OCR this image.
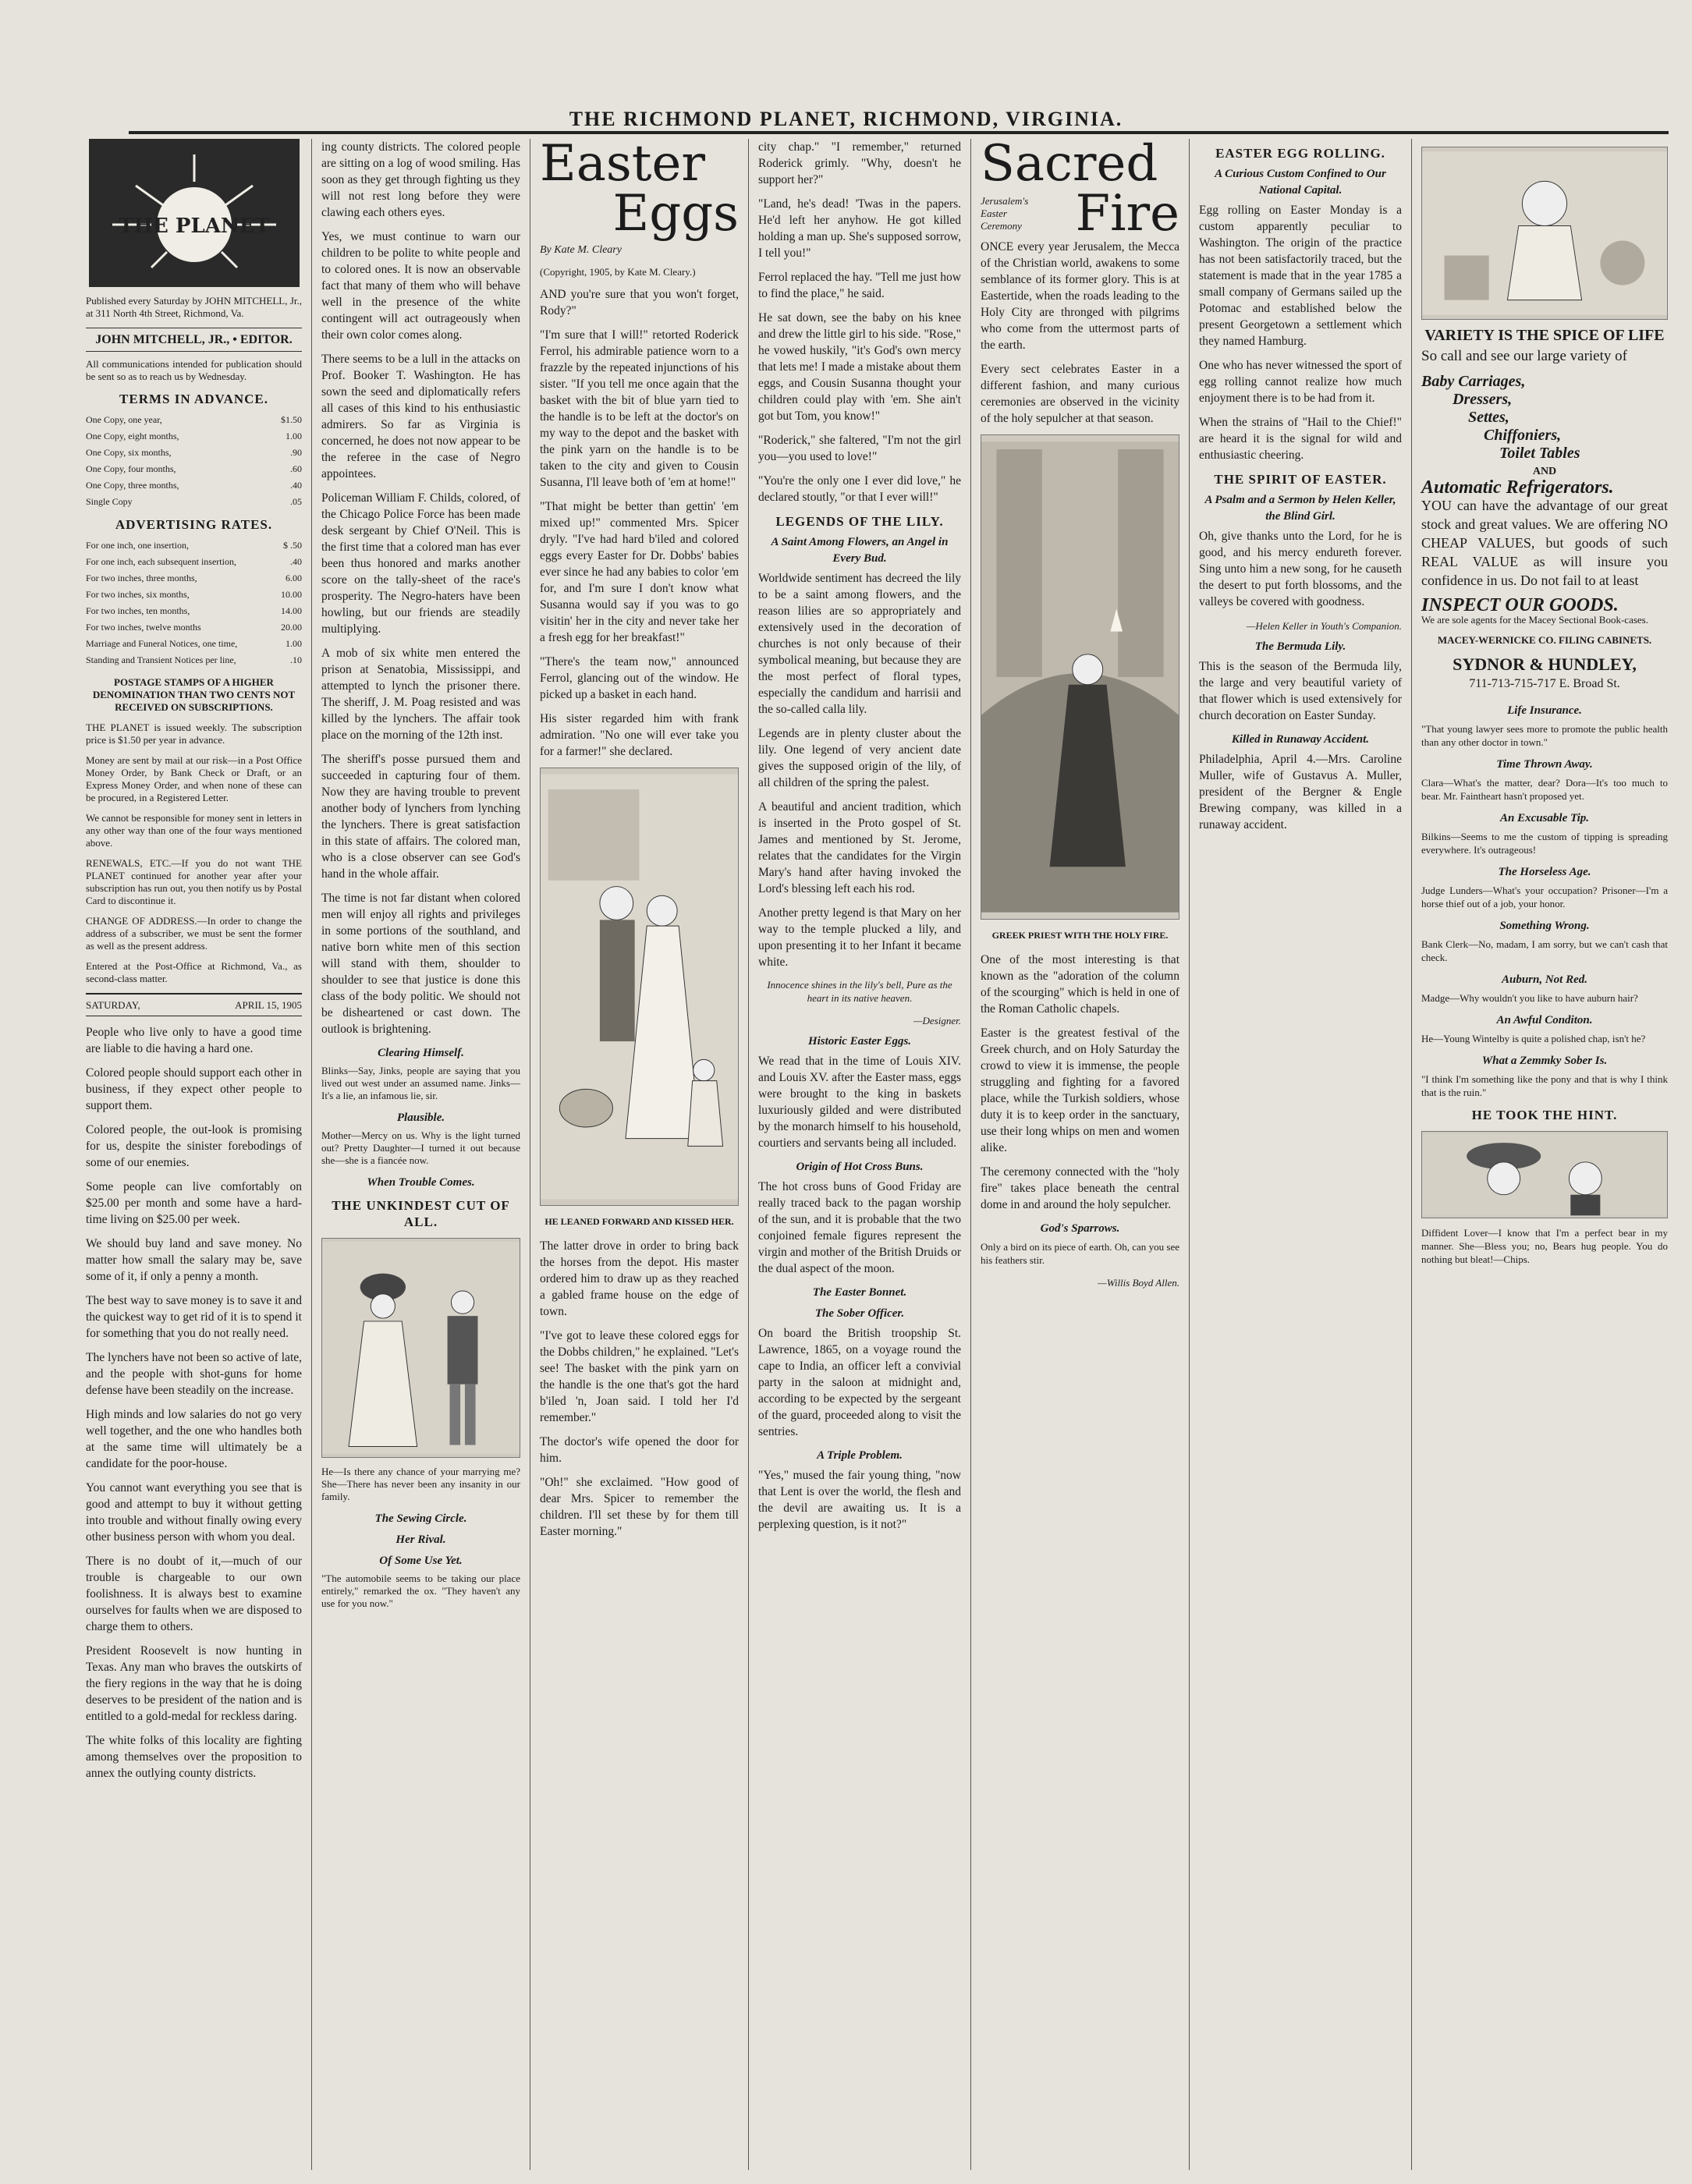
THE RICHMOND PLANET, RICHMOND, VIRGINIA.
THE PLANET

Published every Saturday by JOHN MITCHELL, Jr., at 311 North 4th Street, Richmond, Va.

JOHN MITCHELL, JR., • EDITOR.

All communications intended for publication should be sent so as to reach us by Wednesday.

TERMS IN ADVANCE.
One Copy, one year,	$1.50
One Copy, eight months,	1.00
One Copy, six months,	.90
One Copy, four months,	.60
One Copy, three months,	.40
Single Copy	.05
ADVERTISING RATES.
For one inch, one insertion,	$ .50
For one inch, each subsequent insertion,	.40
For two inches, three months,	6.00
For two inches, six months,	10.00
For two inches, ten months,	14.00
For two inches, twelve months	20.00
Marriage and Funeral Notices, one time,	1.00
Standing and Transient Notices per line,	.10

POSTAGE STAMPS OF A HIGHER DENOMINATION THAN TWO CENTS NOT RECEIVED ON SUBSCRIPTIONS.

THE PLANET is issued weekly. The subscription price is $1.50 per year in advance.

Money are sent by mail at our risk—in a Post Office Money Order, by Bank Check or Draft, or an Express Money Order, and when none of these can be procured, in a Registered Letter.

We cannot be responsible for money sent in letters in any other way than one of the four ways mentioned above.

RENEWALS, ETC.—If you do not want THE PLANET continued for another year after your subscription has run out, you then notify us by Postal Card to discontinue it.

CHANGE OF ADDRESS.—In order to change the address of a subscriber, we must be sent the former as well as the present address.

Entered at the Post-Office at Richmond, Va., as second-class matter.

SATURDAY,	APRIL 15, 1905

People who live only to have a good time are liable to die having a hard one.

Colored people should support each other in business, if they expect other people to support them.

Colored people, the out-look is promising for us, despite the sinister forebodings of some of our enemies.

Some people can live comfortably on $25.00 per month and some have a hard-time living on $25.00 per week.

We should buy land and save money. No matter how small the salary may be, save some of it, if only a penny a month.

The best way to save money is to save it and the quickest way to get rid of it is to spend it for something that you do not really need.

The lynchers have not been so active of late, and the people with shot-guns for home defense have been steadily on the increase.

High minds and low salaries do not go very well together, and the one who handles both at the same time will ultimately be a candidate for the poor-house.

You cannot want everything you see that is good and attempt to buy it without getting into trouble and without finally owing every other business person with whom you deal.

There is no doubt of it,—much of our trouble is chargeable to our own foolishness. It is always best to examine ourselves for faults when we are disposed to charge them to others.

President Roosevelt is now hunting in Texas. Any man who braves the outskirts of the fiery regions in the way that he is doing deserves to be president of the nation and is entitled to a gold-medal for reckless daring.

The white folks of this locality are fighting among themselves over the proposition to annex the outlying county districts.

ing county districts. The colored people are sitting on a log of wood smiling. Has soon as they get through fighting us they will not rest long before they were clawing each others eyes.

Yes, we must continue to warn our children to be polite to white people and to colored ones. It is now an observable fact that many of them who will behave well in the presence of the white contingent will act outrageously when their own color comes along.

There seems to be a lull in the attacks on Prof. Booker T. Washington. He has sown the seed and diplomatically refers all cases of this kind to his enthusiastic admirers. So far as Virginia is concerned, he does not now appear to be the referee in the case of Negro appointees.

Policeman William F. Childs, colored, of the Chicago Police Force has been made desk sergeant by Chief O'Neil. This is the first time that a colored man has ever been thus honored and marks another score on the tally-sheet of the race's prosperity. The Negro-haters have been howling, but our friends are steadily multiplying.

A mob of six white men entered the prison at Senatobia, Mississippi, and attempted to lynch the prisoner there. The sheriff, J. M. Poag resisted and was killed by the lynchers. The affair took place on the morning of the 12th inst.

The sheriff's posse pursued them and succeeded in capturing four of them. Now they are having trouble to prevent another body of lynchers from lynching the lynchers. There is great satisfaction in this state of affairs. The colored man, who is a close observer can see God's hand in the whole affair.

The time is not far distant when colored men will enjoy all rights and privileges in some portions of the southland, and native born white men of this section will stand with them, shoulder to shoulder to see that justice is done this class of the body politic. We should not be disheartened or cast down. The outlook is brightening.

Clearing Himself.

Blinks—Say, Jinks, people are saying that you lived out west under an assumed name. Jinks—It's a lie, an infamous lie, sir.

Plausible.

Mother—Mercy on us. Why is the light turned out? Pretty Daughter—I turned it out because she—she is a fiancée now.

When Trouble Comes.
THE UNKINDEST CUT OF ALL.

He—Is there any chance of your marrying me? She—There has never been any insanity in our family.

The Sewing Circle.
Her Rival.
Of Some Use Yet.

"The automobile seems to be taking our place entirely," remarked the ox. "They haven't any use for you now."

Easter
Eggs
By Kate M. Cleary

(Copyright, 1905, by Kate M. Cleary.)

AND you're sure that you won't forget, Rody?"

"I'm sure that I will!" retorted Roderick Ferrol, his admirable patience worn to a frazzle by the repeated injunctions of his sister. "If you tell me once again that the basket with the bit of blue yarn tied to the handle is to be left at the doctor's on my way to the depot and the basket with the pink yarn on the handle is to be taken to the city and given to Cousin Susanna, I'll leave both of 'em at home!"

"That might be better than gettin' 'em mixed up!" commented Mrs. Spicer dryly. "I've had hard b'iled and colored eggs every Easter for Dr. Dobbs' babies ever since he had any babies to color 'em for, and I'm sure I don't know what Susanna would say if you was to go visitin' her in the city and never take her a fresh egg for her breakfast!"

"There's the team now," announced Ferrol, glancing out of the window. He picked up a basket in each hand.

His sister regarded him with frank admiration. "No one will ever take you for a farmer!" she declared.

HE LEANED FORWARD AND KISSED HER.

The latter drove in order to bring back the horses from the depot. His master ordered him to draw up as they reached a gabled frame house on the edge of town.

"I've got to leave these colored eggs for the Dobbs children," he explained. "Let's see! The basket with the pink yarn on the handle is the one that's got the hard b'iled 'n, Joan said. I told her I'd remember."

The doctor's wife opened the door for him.

"Oh!" she exclaimed. "How good of dear Mrs. Spicer to remember the children. I'll set these by for them till Easter morning."

city chap." "I remember," returned Roderick grimly. "Why, doesn't he support her?"

"Land, he's dead! 'Twas in the papers. He'd left her anyhow. He got killed holding a man up. She's supposed sorrow, I tell you!"

Ferrol replaced the hay. "Tell me just how to find the place," he said.

He sat down, see the baby on his knee and drew the little girl to his side. "Rose," he vowed huskily, "it's God's own mercy that lets me! I made a mistake about them eggs, and Cousin Susanna thought your children could play with 'em. She ain't got but Tom, you know!"

"Roderick," she faltered, "I'm not the girl you—you used to love!"

"You're the only one I ever did love," he declared stoutly, "or that I ever will!"

LEGENDS OF THE LILY.
A Saint Among Flowers, an Angel in Every Bud.

Worldwide sentiment has decreed the lily to be a saint among flowers, and the reason lilies are so appropriately and extensively used in the decoration of churches is not only because of their symbolical meaning, but because they are the most perfect of floral types, especially the candidum and harrisii and the so-called calla lily.

Legends are in plenty cluster about the lily. One legend of very ancient date gives the supposed origin of the lily, of all children of the spring the palest.

A beautiful and ancient tradition, which is inserted in the Proto gospel of St. James and mentioned by St. Jerome, relates that the candidates for the Virgin Mary's hand after having invoked the Lord's blessing left each his rod.

Another pretty legend is that Mary on her way to the temple plucked a lily, and upon presenting it to her Infant it became white.

Innocence shines in the lily's bell, Pure as the heart in its native heaven.

—Designer.
Historic Easter Eggs.

We read that in the time of Louis XIV. and Louis XV. after the Easter mass, eggs were brought to the king in baskets luxuriously gilded and were distributed by the monarch himself to his household, courtiers and servants being all included.

Origin of Hot Cross Buns.

The hot cross buns of Good Friday are really traced back to the pagan worship of the sun, and it is probable that the two conjoined female figures represent the virgin and mother of the British Druids or the dual aspect of the moon.

The Easter Bonnet.
The Sober Officer.

On board the British troopship St. Lawrence, 1865, on a voyage round the cape to India, an officer left a convivial party in the saloon at midnight and, according to be expected by the sergeant of the guard, proceeded along to visit the sentries.

A Triple Problem.

"Yes," mused the fair young thing, "now that Lent is over the world, the flesh and the devil are awaiting us. It is a perplexing question, is it not?"

Sacred
Jerusalem's Easter Ceremony	Fire

ONCE every year Jerusalem, the Mecca of the Christian world, awakens to some semblance of its former glory. This is at Eastertide, when the roads leading to the Holy City are thronged with pilgrims who come from the uttermost parts of the earth.

Every sect celebrates Easter in a different fashion, and many curious ceremonies are observed in the vicinity of the holy sepulcher at that season.

GREEK PRIEST WITH THE HOLY FIRE.

One of the most interesting is that known as the "adoration of the column of the scourging" which is held in one of the Roman Catholic chapels.

Easter is the greatest festival of the Greek church, and on Holy Saturday the crowd to view it is immense, the people struggling and fighting for a favored place, while the Turkish soldiers, whose duty it is to keep order in the sanctuary, use their long whips on men and women alike.

The ceremony connected with the "holy fire" takes place beneath the central dome in and around the holy sepulcher.

God's Sparrows.

Only a bird on its piece of earth. Oh, can you see his feathers stir.

—Willis Boyd Allen.
EASTER EGG ROLLING.
A Curious Custom Confined to Our National Capital.

Egg rolling on Easter Monday is a custom apparently peculiar to Washington. The origin of the practice has not been satisfactorily traced, but the statement is made that in the year 1785 a small company of Germans sailed up the Potomac and established below the present Georgetown a settlement which they named Hamburg.

One who has never witnessed the sport of egg rolling cannot realize how much enjoyment there is to be had from it.

When the strains of "Hail to the Chief!" are heard it is the signal for wild and enthusiastic cheering.

THE SPIRIT OF EASTER.
A Psalm and a Sermon by Helen Keller, the Blind Girl.

Oh, give thanks unto the Lord, for he is good, and his mercy endureth forever. Sing unto him a new song, for he causeth the desert to put forth blossoms, and the valleys be covered with goodness.

—Helen Keller in Youth's Companion.
The Bermuda Lily.

This is the season of the Bermuda lily, the large and very beautiful variety of that flower which is used extensively for church decoration on Easter Sunday.

Killed in Runaway Accident.

Philadelphia, April 4.—Mrs. Caroline Muller, wife of Gustavus A. Muller, president of the Bergner & Engle Brewing company, was killed in a runaway accident.

VARIETY IS THE SPICE OF LIFE

So call and see our large variety of

Baby Carriages,
Dressers,
Settes,
Chiffoniers,
Toilet Tables
AND
Automatic Refrigerators.

YOU can have the advantage of our great stock and great values. We are offering NO CHEAP VALUES, but goods of such REAL VALUE as will insure you confidence in us. Do not fail to at least

INSPECT OUR GOODS.

We are sole agents for the Macey Sectional Book-cases.

MACEY-WERNICKE CO. FILING CABINETS.

SYDNOR & HUNDLEY,
711-713-715-717 E. Broad St.
Life Insurance.

"That young lawyer sees more to promote the public health than any other doctor in town."

Time Thrown Away.

Clara—What's the matter, dear? Dora—It's too much to bear. Mr. Faintheart hasn't proposed yet.

An Excusable Tip.

Bilkins—Seems to me the custom of tipping is spreading everywhere. It's outrageous!

The Horseless Age.

Judge Lunders—What's your occupation? Prisoner—I'm a horse thief out of a job, your honor.

Something Wrong.

Bank Clerk—No, madam, I am sorry, but we can't cash that check.

Auburn, Not Red.

Madge—Why wouldn't you like to have auburn hair?

An Awful Conditon.

He—Young Wintelby is quite a polished chap, isn't he?

What a Zemmky Sober Is.

"I think I'm something like the pony and that is why I think that is the ruin."

HE TOOK THE HINT.

Diffident Lover—I know that I'm a perfect bear in my manner. She—Bless you; no, Bears hug people. You do nothing but bleat!—Chips.
